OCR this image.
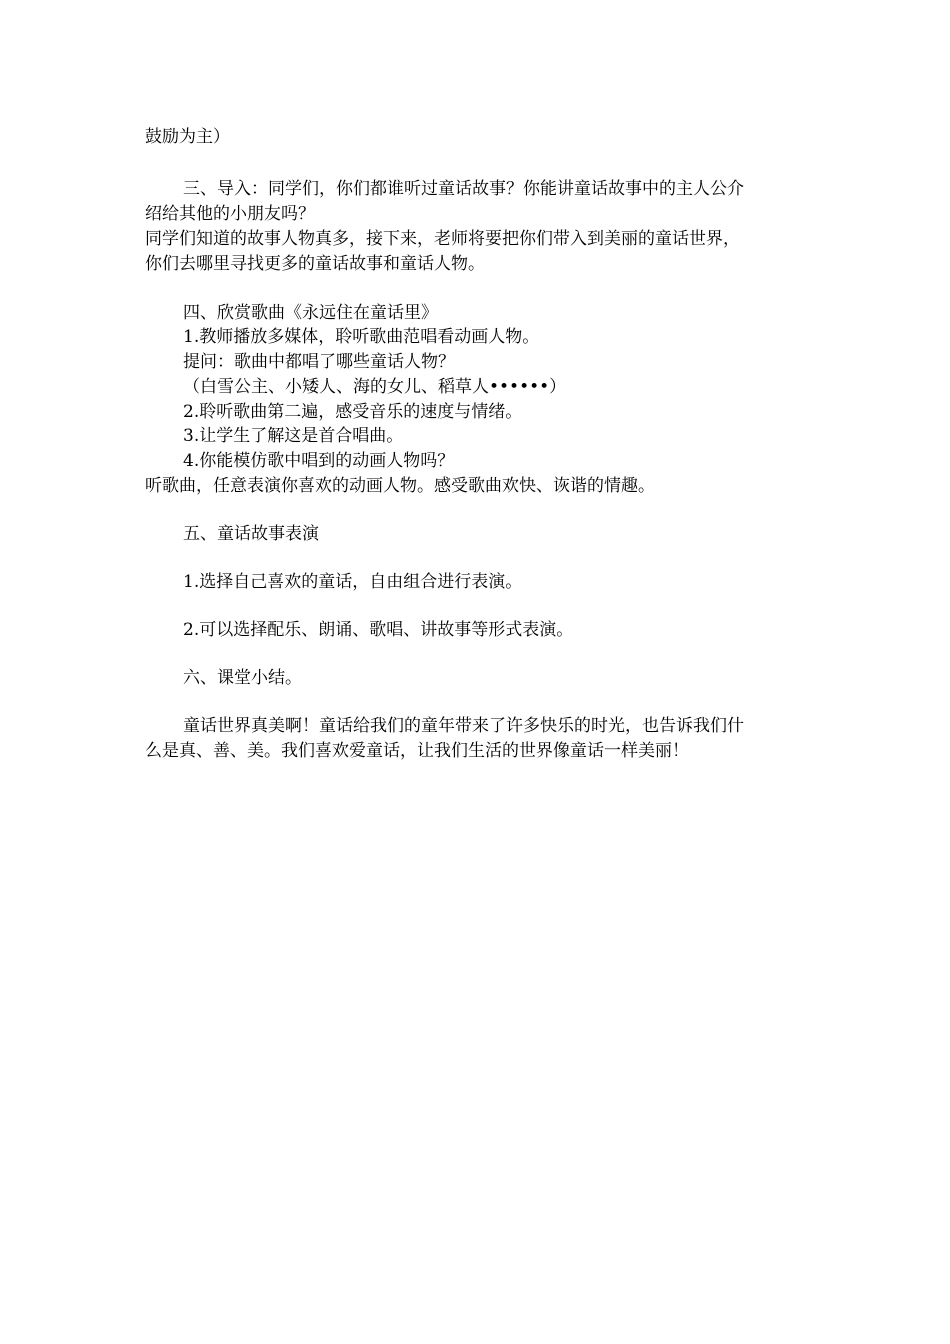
鼓励为主）
三、导入：同学们，你们都谁听过童话故事？你能讲童话故事中的主人公介
绍给其他的小朋友吗？
同学们知道的故事人物真多，接下来，老师将要把你们带入到美丽的童话世界，
你们去哪里寻找更多的童话故事和童话人物。
四、欣赏歌曲《永远住在童话里》
1.教师播放多媒体，聆听歌曲范唱看动画人物。
提问：歌曲中都唱了哪些童话人物？
（白雪公主、小矮人、海的女儿、稻草人••••••）
2.聆听歌曲第二遍，感受音乐的速度与情绪。
3.让学生了解这是首合唱曲。
4.你能模仿歌中唱到的动画人物吗？
听歌曲，任意表演你喜欢的动画人物。感受歌曲欢快、诙谐的情趣。
五、童话故事表演
1.选择自己喜欢的童话，自由组合进行表演。
2.可以选择配乐、朗诵、歌唱、讲故事等形式表演。
六、课堂小结。
童话世界真美啊！童话给我们的童年带来了许多快乐的时光，也告诉我们什
么是真、善、美。我们喜欢爱童话，让我们生活的世界像童话一样美丽！
